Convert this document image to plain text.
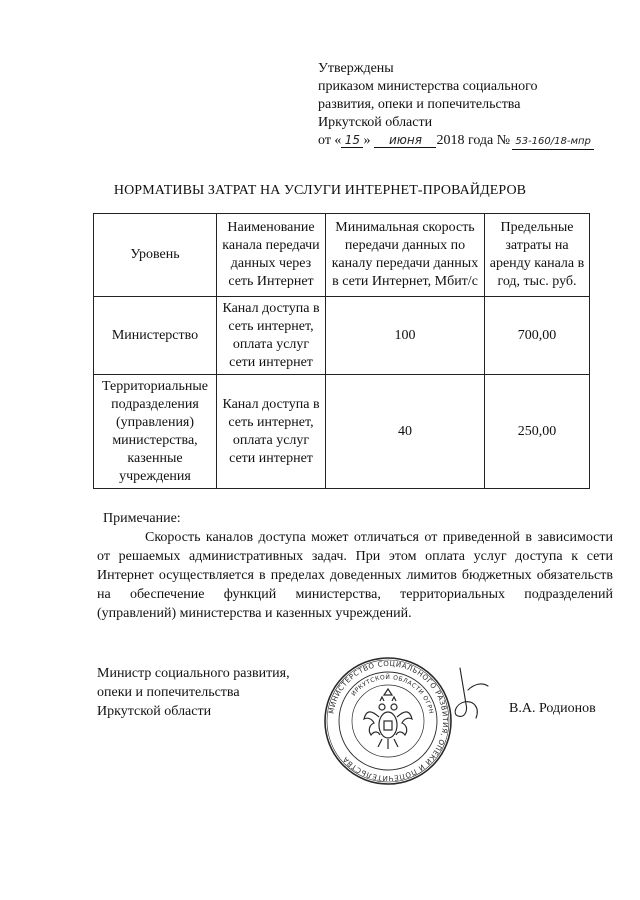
Утверждены
приказом министерства социального
развития, опеки и попечительства
Иркутской области
от « 15 » июня 2018 года № 53-160/18-мпр
НОРМАТИВЫ ЗАТРАТ НА УСЛУГИ ИНТЕРНЕТ-ПРОВАЙДЕРОВ
Уровень	Наименование канала передачи данных через сеть Интернет	Минимальная скорость передачи данных по каналу передачи данных в сети Интернет, Мбит/с	Предельные затраты на аренду канала в год, тыс. руб.
Министерство	Канал доступа в сеть интернет, оплата услуг сети интернет	100	700,00
Территориальные подразделения (управления) министерства, казенные учреждения	Канал доступа в сеть интернет, оплата услуг сети интернет	40	250,00
Примечание:
Скорость каналов доступа может отличаться от приведенной в зависимости от решаемых административных задач. При этом оплата услуг доступа к сети Интернет осуществляется в пределах доведенных лимитов бюджетных обязательств на обеспечение функций министерства, территориальных подразделений (управлений) министерства и казенных учреждений.
Министр социального развития,
опеки и попечительства
Иркутской области	МИНИСТЕРСТВО СОЦИАЛЬНОГО РАЗВИТИЯ, ОПЕКИ И ПОПЕЧИТЕЛЬСТВА
ИРКУТСКОЙ ОБЛАСТИ ОГРН	В.А. Родионов
